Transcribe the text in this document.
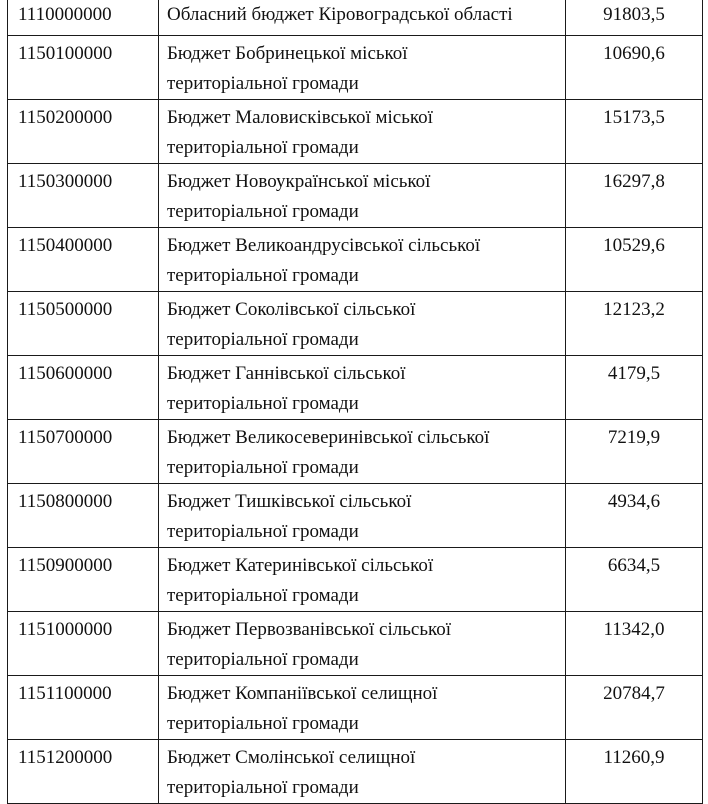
1110000000	Обласний бюджет Кіровоградської області	91803,5
1150100000	Бюджет Бобринецької міської
територіальної громади	10690,6
1150200000	Бюджет Маловисківської міської
територіальної громади	15173,5
1150300000	Бюджет Новоукраїнської міської
територіальної громади	16297,8
1150400000	Бюджет Великоандрусівської сільської
територіальної громади	10529,6
1150500000	Бюджет Соколівської сільської
територіальної громади	12123,2
1150600000	Бюджет Ганнівської сільської
територіальної громади	4179,5
1150700000	Бюджет Великосеверинівської сільської
територіальної громади	7219,9
1150800000	Бюджет Тишківської сільської
територіальної громади	4934,6
1150900000	Бюджет Катеринівської сільської
територіальної громади	6634,5
1151000000	Бюджет Первозванівської сільської
територіальної громади	11342,0
1151100000	Бюджет Компаніївської селищної
територіальної громади	20784,7
1151200000	Бюджет Смолінської селищної
територіальної громади	11260,9
